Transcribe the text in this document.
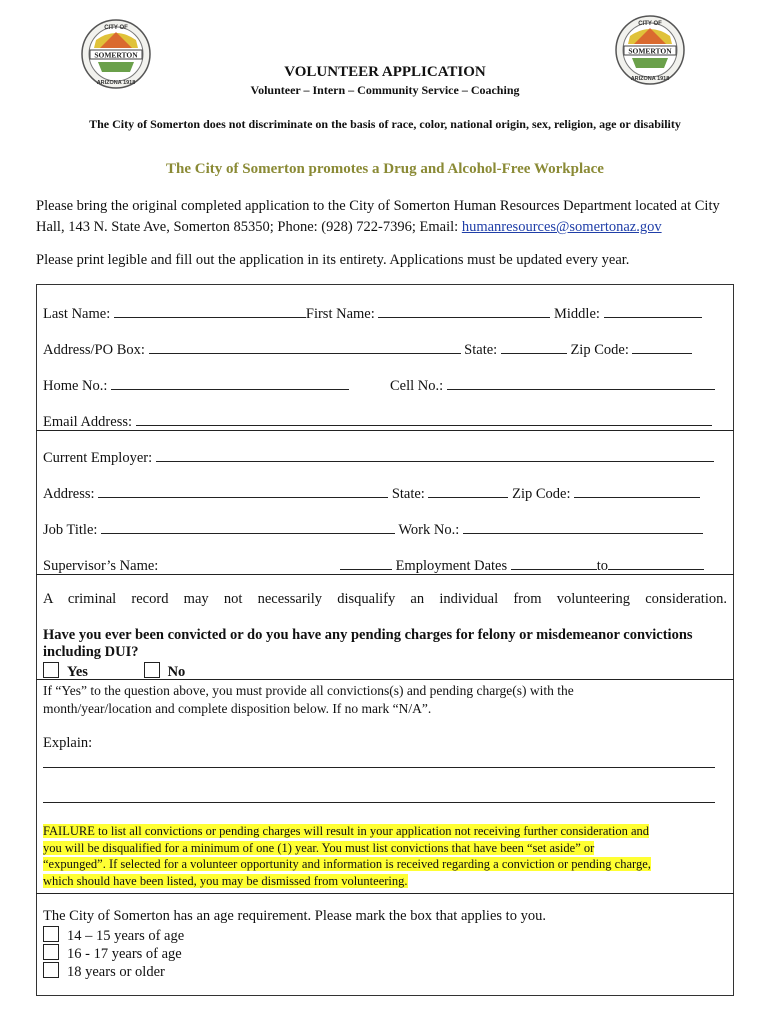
CITY OF
SOMERTON
ARIZONA 1918
CITY OF
SOMERTON
ARIZONA 1918
VOLUNTEER APPLICATION
Volunteer – Intern – Community Service – Coaching
The City of Somerton does not discriminate on the basis of race, color, national origin, sex, religion, age or disability
The City of Somerton promotes a Drug and Alcohol-Free Workplace
Please bring the original completed application to the City of Somerton Human Resources Department located at City Hall, 143 N. State Ave, Somerton 85350; Phone: (928) 722-7396; Email: humanresources@somertonaz.gov
Please print legible and fill out the application in its entirety. Applications must be updated every year.
Last Name:	First Name:	Middle:
Address/PO Box:	State:	Zip Code:
Home No.:	Cell No.:
Email Address:
Current Employer:
Address:	State:	Zip Code:
Job Title:	Work No.:
Supervisor’s Name:	Employment Dates	to
A criminal record may not necessarily disqualify an individual from volunteering consideration.
Have you ever been convicted or do you have any pending charges for felony or misdemeanor convictions including DUI?
Yes	No
If “Yes” to the question above, you must provide all convictions(s) and pending charge(s) with the month/year/location and complete disposition below. If no mark “N/A”.
Explain:
FAILURE to list all convictions or pending charges will result in your application not receiving further consideration and
you will be disqualified for a minimum of one (1) year. You must list convictions that have been “set aside” or
“expunged”. If selected for a volunteer opportunity and information is received regarding a conviction or pending charge,
which should have been listed, you may be dismissed from volunteering.
The City of Somerton has an age requirement. Please mark the box that applies to you.
14 – 15 years of age
16 - 17 years of age
18 years or older
